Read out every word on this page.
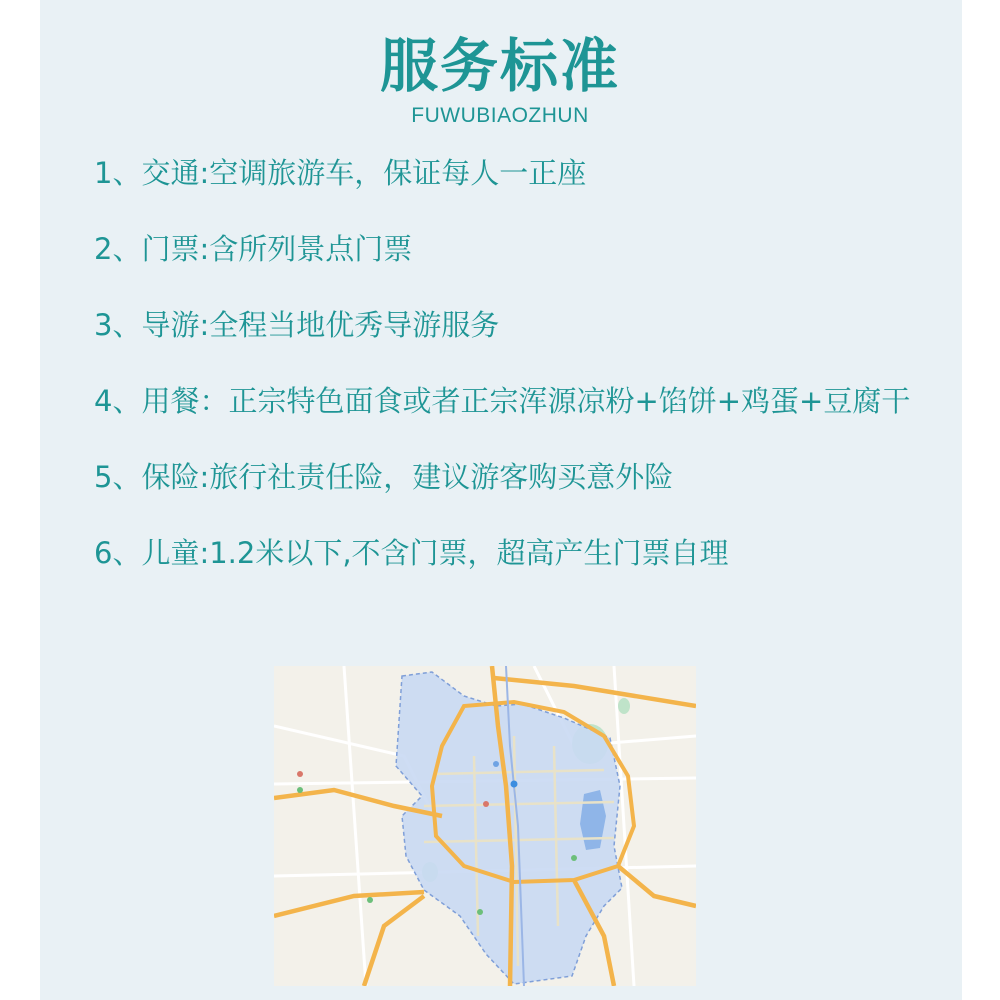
服务标准
FUWUBIAOZHUN
1、交通:空调旅游车，保证每人一正座
2、门票:含所列景点门票
3、导游:全程当地优秀导游服务
4、用餐：正宗特色面食或者正宗浑源凉粉+馅饼+鸡蛋+豆腐干
5、保险:旅行社责任险，建议游客购买意外险
6、儿童:1.2米以下,不含门票，超高产生门票自理
